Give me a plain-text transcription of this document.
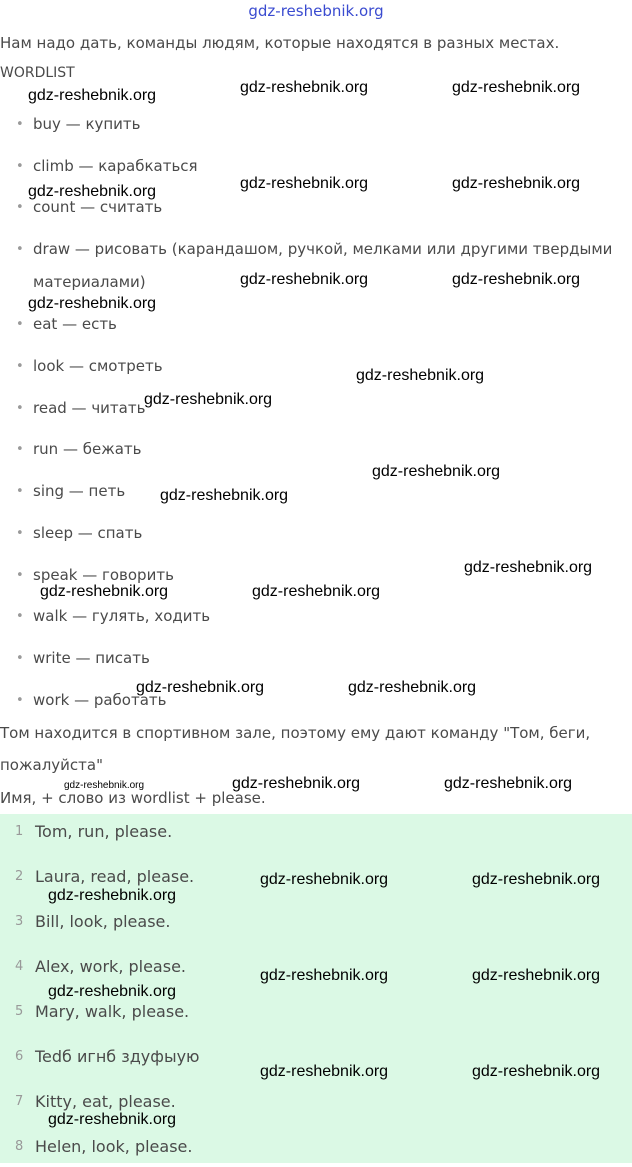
gdz-reshebnik.org
Нам надо дать, команды людям, которые находятся в разных местах.
WORDLIST
• buy — купить
• climb — карабкаться
• count — считать
• draw — рисовать (карандашом, ручкой, мелками или другими твердыми
материалами)
• eat — есть
• look — смотреть
• read — читать
• run — бежать
• sing — петь
• sleep — спать
• speak — говорить
• walk — гулять, ходить
• write — писать
• work — работать
Том находится в спортивном зале, поэтому ему дают команду "Том, беги,
пожалуйста"
Имя, + слово из wordlist + please.
1 Tom, run, please.
2 Laura, read, please.
3 Bill, look, please.
4 Alex, work, please.
5 Mary, walk, please.
6 Tedб игнб здуфыую
7 Kitty, eat, please.
8 Helen, look, please.
gdz-reshebnik.org	gdz-reshebnik.org	gdz-reshebnik.org
gdz-reshebnik.org	gdz-reshebnik.org	gdz-reshebnik.org
gdz-reshebnik.org	gdz-reshebnik.org
gdz-reshebnik.org
gdz-reshebnik.org
gdz-reshebnik.org
gdz-reshebnik.org
gdz-reshebnik.org
gdz-reshebnik.org
gdz-reshebnik.org	gdz-reshebnik.org
gdz-reshebnik.org	gdz-reshebnik.org
gdz-reshebnik.org	gdz-reshebnik.org	gdz-reshebnik.org
gdz-reshebnik.org	gdz-reshebnik.org
gdz-reshebnik.org
gdz-reshebnik.org	gdz-reshebnik.org
gdz-reshebnik.org
gdz-reshebnik.org	gdz-reshebnik.org
gdz-reshebnik.org
